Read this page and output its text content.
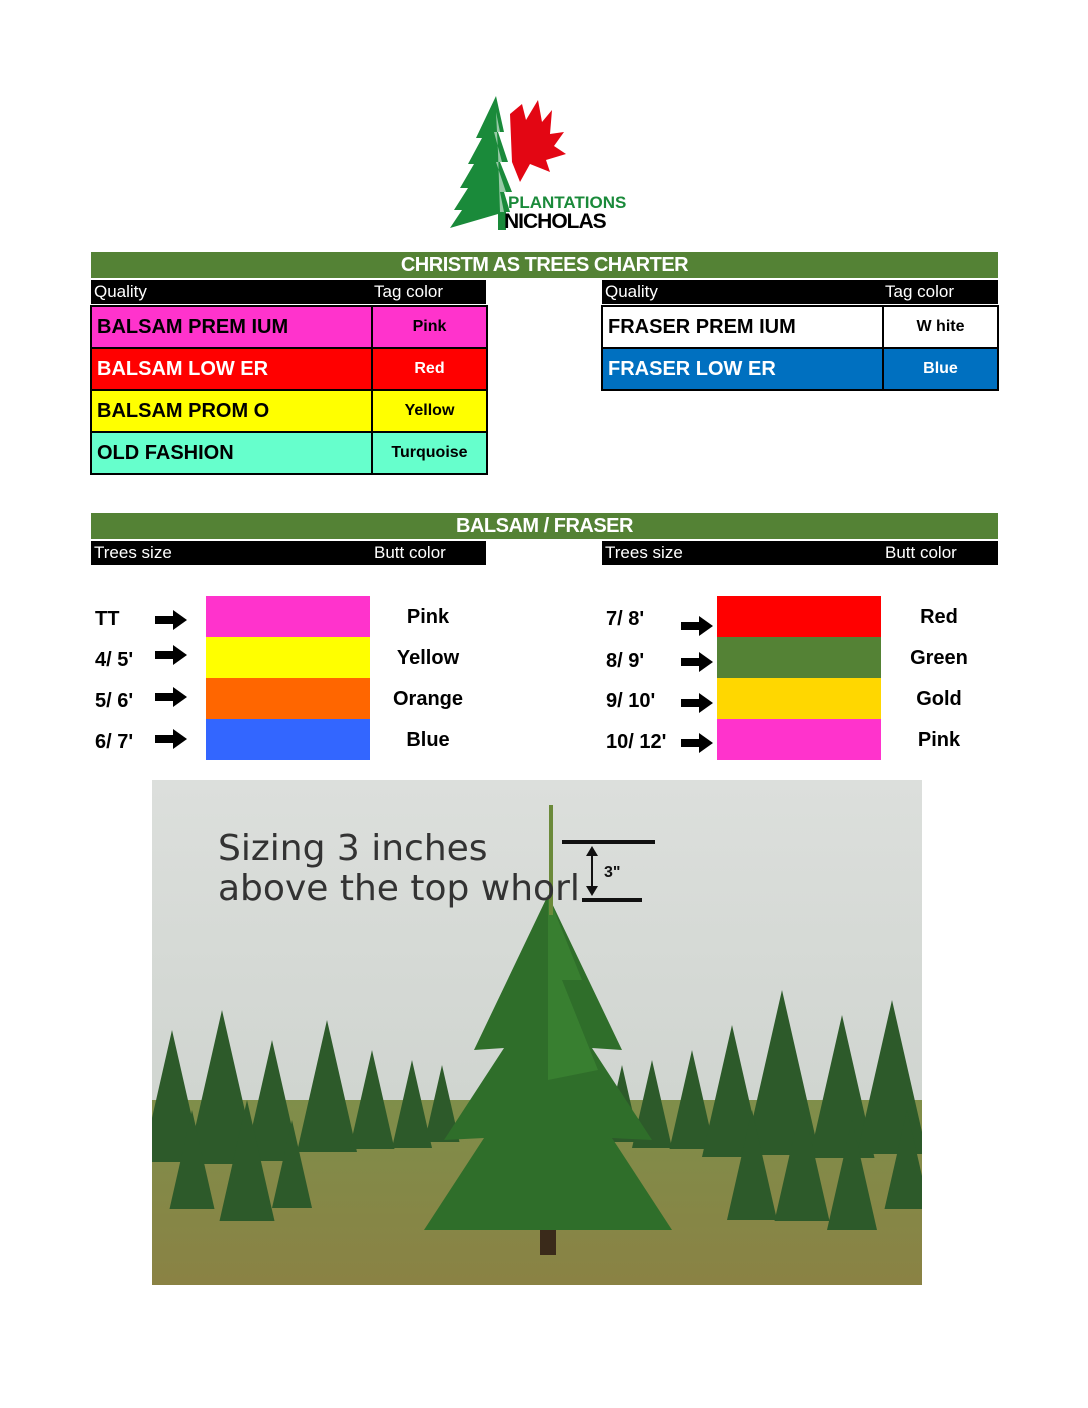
PLANTATIONS
NICHOLAS
CHRISTM AS TREES CHARTER
Quality	Tag color	Quality	Tag color
BALSAM PREM IUM	Pink
BALSAM LOW ER	Red
BALSAM PROM O	Yellow
OLD FASHION	Turquoise
FRASER PREM IUM	W hite
FRASER LOW ER	Blue
BALSAM / FRASER
Trees size	Butt color	Trees size	Butt color
TT	Pink
4/ 5'	Yellow
5/ 6'	Orange
6/ 7'	Blue
7/ 8'	Red
8/ 9'	Green
9/ 10'	Gold
10/ 12'	Pink
3"
Sizing 3 inches
above the top whorl
